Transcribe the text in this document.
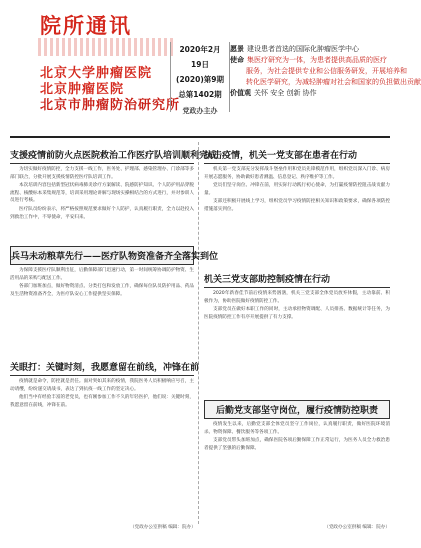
院所通讯
北京大学肿瘤医院
北京肿瘤医院
北京市肿瘤防治研究所
2020年2月
19日
(2020)第9期
总第1402期
党政办主办
愿景 建设患者首选的国际化肿瘤医学中心
使命 集医疗研究为一体，为患者提供高品质的医疗
服务，为社会提供专业和公信服务研发，开展培养和
转化医学研究，为减轻肿瘤对社会和国家的负担做出贡献
价值观 关怀 安全 创新 协作
支援疫情前防火点医院救治工作医疗队培训顺利完成

为切实做好疫情防控，全力支援一线工作，医务处、护理部、感染管理办、门诊部等多部门联合，分批开展支援疫情防控医疗队培训工作。

本次培训内容包括新型冠状病毒肺炎诊疗方案解读、院感防护知识、个人防护用品穿脱流程、核酸标本采集规范等，培训采用理论讲解与现场实操相结合的方式进行，并对参训人员进行考核。

医疗队员纷纷表示，将严格按照规范要求做好个人防护，认真履行职责，全力以赴投入到救治工作中，不辱使命，平安归来。

兵马未动粮草先行——医疗队物资准备齐全落实到位

为保障支援医疗队顺利出征，后勤保障部门迅速行动，第一时间统筹协调防护物资、生活用品的采购与配送工作。

各部门加班加点，做好物资清点、分类打包和发放工作，确保每位队员防护用品、药品及生活物资准备齐全，为医疗队安心工作提供坚实保障。

关眼打：关键时刻，我愿意留在前线，冲锋在前

疫情就是命令，防控就是责任。面对突如其来的疫情，我院医务人员积极响应号召，主动请缨，纷纷递交请战书，表达了到抗疫一线工作的坚定决心。

他们当中有经验丰富的老党员，也有刚参加工作不久的年轻医护，他们说：关键时刻，我愿意留在前线，冲锋在前。

抗击疫情，机关一党支部在患者在行动

机关第一党支部充分发挥战斗堡垒作用和党员先锋模范作用，组织党员深入门诊、病房开展志愿服务，协助做好患者测温、信息登记、秩序维护等工作。

党员们坚守岗位、冲锋在前，用实际行动践行初心使命，为打赢疫情防控阻击战贡献力量。

支部还积极开展线上学习，组织党员学习疫情防控相关知识和政策要求，确保各项防控措施落实到位。

机关三党支部助控制疫情在行动

2020年新春佳节前后疫情来势汹汹，机关三党支部全体党员放弃休假，主动靠前、积极作为，协助医院做好疫情防控工作。

支部党员在做好本职工作的同时，主动承担物资调配、人员排查、数据统计等任务，为医院疫情防控工作有序开展提供了有力支撑。

后勤党支部坚守岗位，履行疫情防控职责

疫情发生以来，后勤党支部全体党员坚守工作岗位，认真履行职责，做好医院环境消杀、物资保障、餐饮服务等各项工作。

支部党员带头加班加点，确保医院各项后勤保障工作正常运行，为医务人员全力救治患者提供了坚强的后勤保障。

（党政办公室供稿 编辑：院办）	（党政办公室供稿 编辑：院办）
